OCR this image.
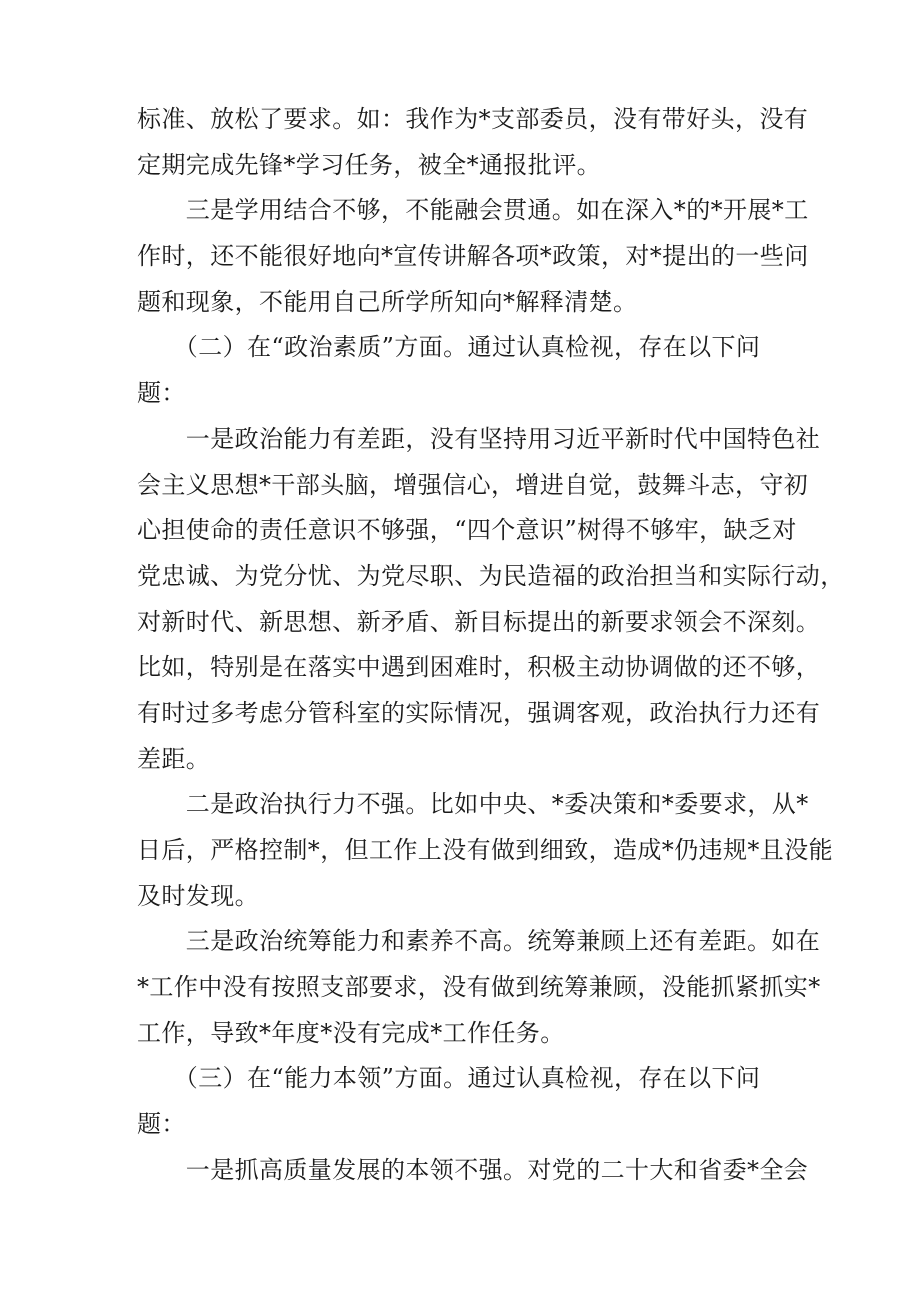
标准、放松了要求。如：我作为*支部委员，没有带好头，没有
定期完成先锋*学习任务，被全*通报批评。
　　三是学用结合不够，不能融会贯通。如在深入*的*开展*工
作时，还不能很好地向*宣传讲解各项*政策，对*提出的一些问
题和现象，不能用自己所学所知向*解释清楚。
　　（二）在“政治素质”方面。通过认真检视，存在以下问
题：
　　一是政治能力有差距，没有坚持用习近平新时代中国特色社
会主义思想*干部头脑，增强信心，增进自觉，鼓舞斗志，守初
心担使命的责任意识不够强，“四个意识”树得不够牢，缺乏对
党忠诚、为党分忧、为党尽职、为民造福的政治担当和实际行动，
对新时代、新思想、新矛盾、新目标提出的新要求领会不深刻。
比如，特别是在落实中遇到困难时，积极主动协调做的还不够，
有时过多考虑分管科室的实际情况，强调客观，政治执行力还有
差距。
　　二是政治执行力不强。比如中央、*委决策和*委要求，从*
日后，严格控制*，但工作上没有做到细致，造成*仍违规*且没能
及时发现。
　　三是政治统筹能力和素养不高。统筹兼顾上还有差距。如在
*工作中没有按照支部要求，没有做到统筹兼顾，没能抓紧抓实*
工作，导致*年度*没有完成*工作任务。
　　（三）在“能力本领”方面。通过认真检视，存在以下问
题：
　　一是抓高质量发展的本领不强。对党的二十大和省委*全会
